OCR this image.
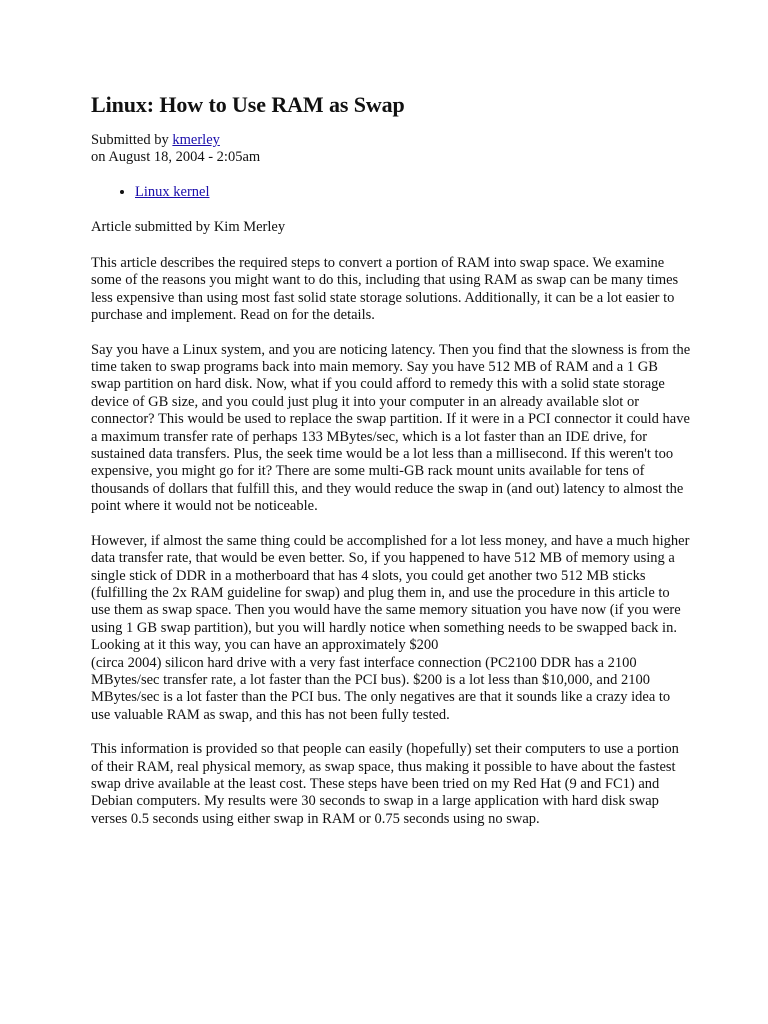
Linux: How to Use RAM as Swap
Submitted by kmerley
on August 18, 2004 - 2:05am
• Linux kernel
Article submitted by Kim Merley

This article describes the required steps to convert a portion of RAM into swap space. We examine some of the reasons you might want to do this, including that using RAM as swap can be many times less expensive than using most fast solid state storage solutions. Additionally, it can be a lot easier to purchase and implement. Read on for the details.

Say you have a Linux system, and you are noticing latency. Then you find that the slowness is from the time taken to swap programs back into main memory. Say you have 512 MB of RAM and a 1 GB swap partition on hard disk. Now, what if you could afford to remedy this with a solid state storage device of GB size, and you could just plug it into your computer in an already available slot or connector? This would be used to replace the swap partition. If it were in a PCI connector it could have a maximum transfer rate of perhaps 133 MBytes/sec, which is a lot faster than an IDE drive, for sustained data transfers. Plus, the seek time would be a lot less than a millisecond. If this weren't too expensive, you might go for it? There are some multi-GB rack mount units available for tens of thousands of dollars that fulfill this, and they would reduce the swap in (and out) latency to almost the point where it would not be noticeable.

However, if almost the same thing could be accomplished for a lot less money, and have a much higher data transfer rate, that would be even better. So, if you happened to have 512 MB of memory using a single stick of DDR in a motherboard that has 4 slots, you could get another two 512 MB sticks (fulfilling the 2x RAM guideline for swap) and plug them in, and use the procedure in this article to use them as swap space. Then you would have the same memory situation you have now (if you were using 1 GB swap partition), but you will hardly notice when something needs to be swapped back in. Looking at it this way, you can have an approximately $200

(circa 2004) silicon hard drive with a very fast interface connection (PC2100 DDR has a 2100 MBytes/sec transfer rate, a lot faster than the PCI bus). $200 is a lot less than $10,000, and 2100 MBytes/sec is a lot faster than the PCI bus. The only negatives are that it sounds like a crazy idea to use valuable RAM as swap, and this has not been fully tested.

This information is provided so that people can easily (hopefully) set their computers to use a portion of their RAM, real physical memory, as swap space, thus making it possible to have about the fastest swap drive available at the least cost. These steps have been tried on my Red Hat (9 and FC1) and Debian computers. My results were 30 seconds to swap in a large application with hard disk swap verses 0.5 seconds using either swap in RAM or 0.75 seconds using no swap.
